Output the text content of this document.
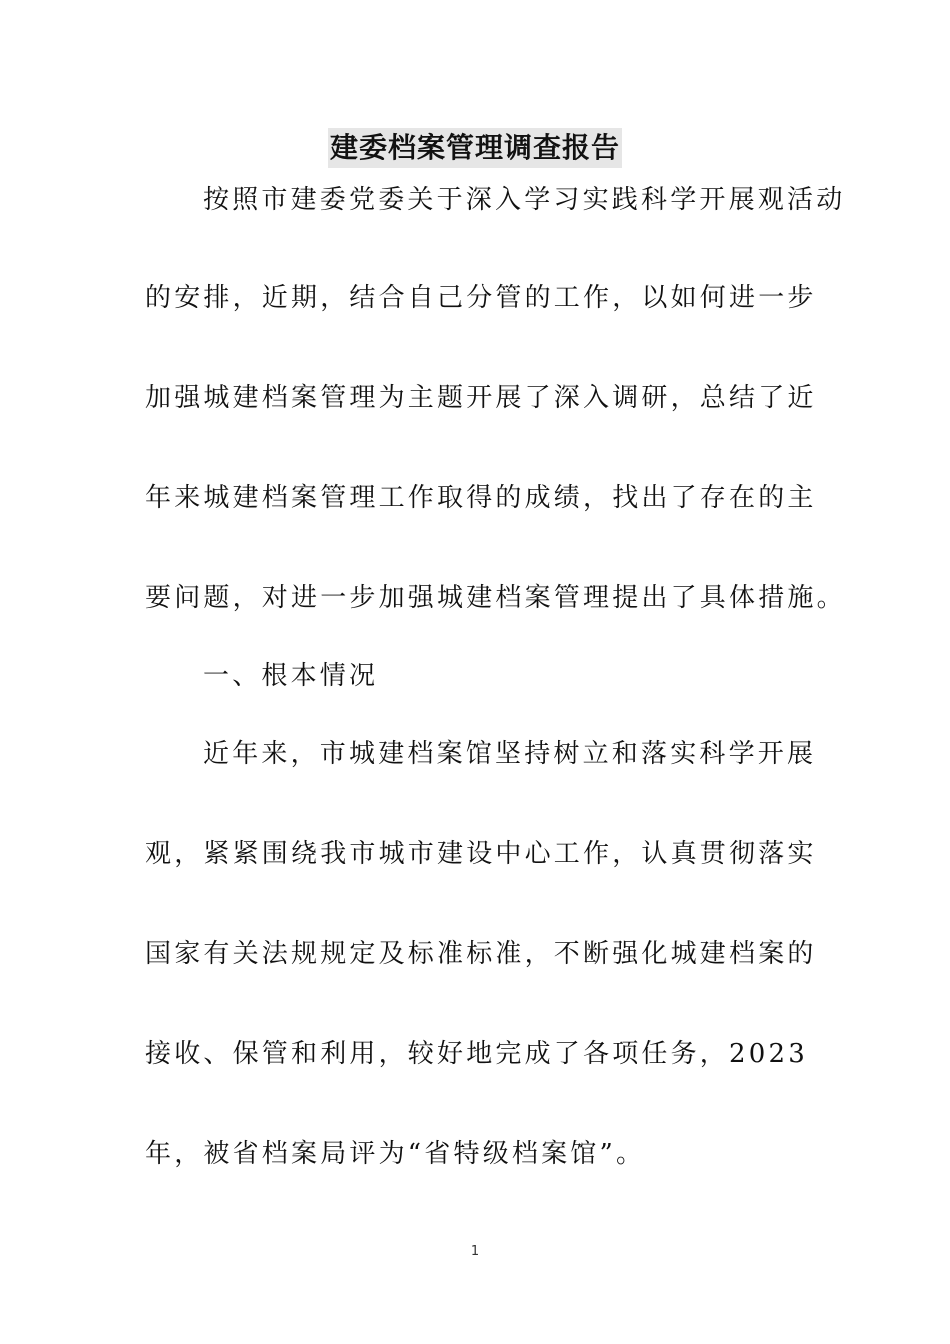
建委档案管理调查报告
按照市建委党委关于深入学习实践科学开展观活动
的安排，近期，结合自己分管的工作，以如何进一步
加强城建档案管理为主题开展了深入调研，总结了近
年来城建档案管理工作取得的成绩，找出了存在的主
要问题，对进一步加强城建档案管理提出了具体措施。
一、根本情况
近年来，市城建档案馆坚持树立和落实科学开展
观，紧紧围绕我市城市建设中心工作，认真贯彻落实
国家有关法规规定及标准标准，不断强化城建档案的
接收、保管和利用，较好地完成了各项任务，2023
年，被省档案局评为“省特级档案馆”。
1
